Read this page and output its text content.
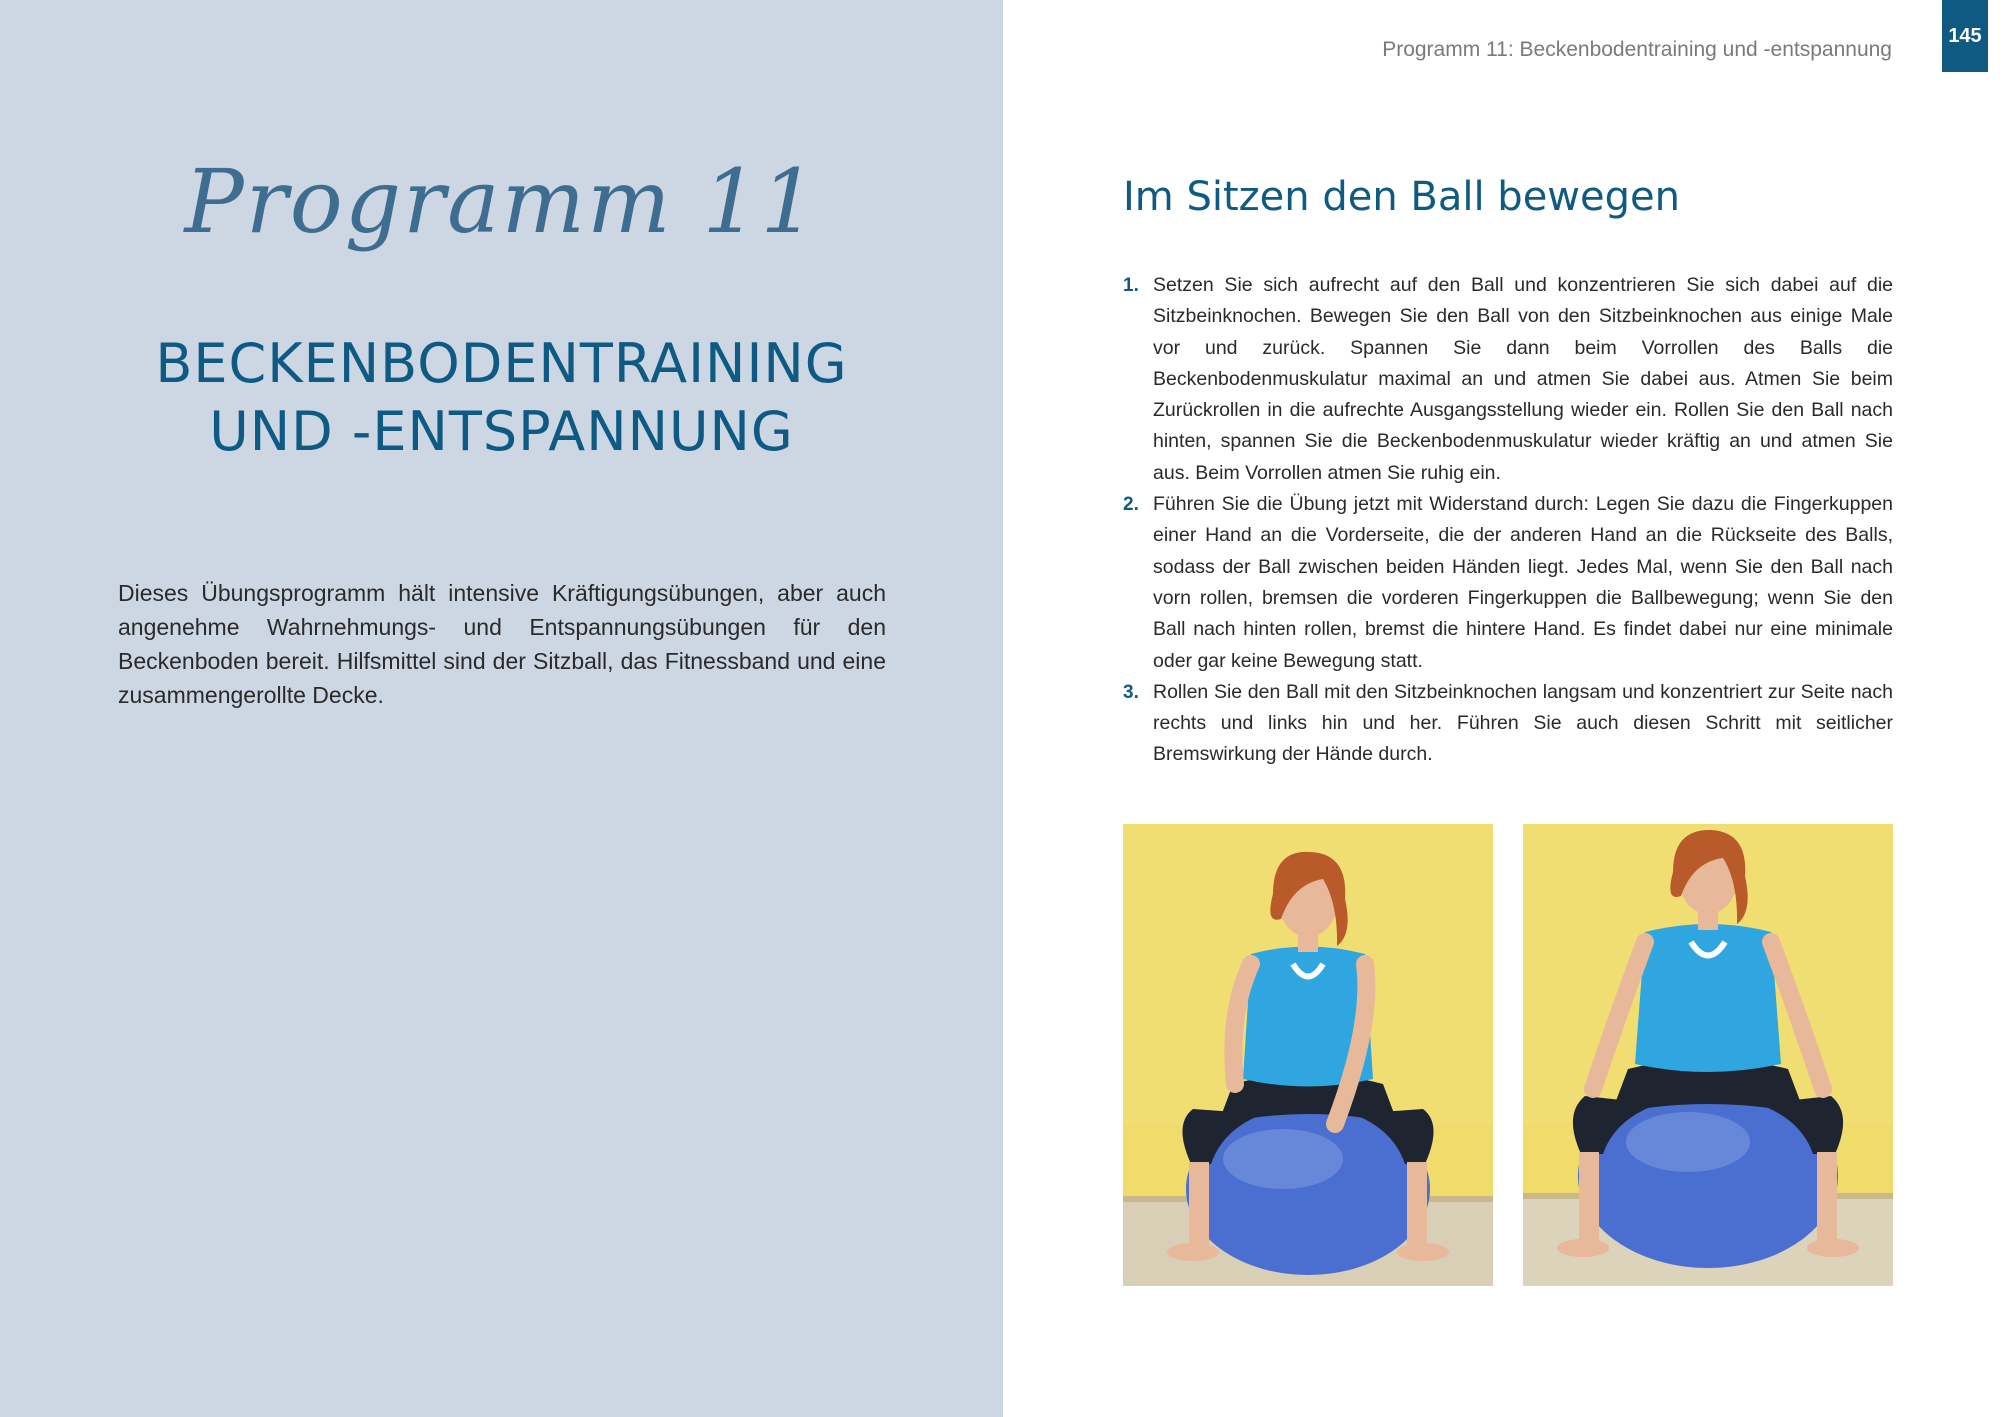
Programm 11
BECKENBODENTRAINING
UND -ENTSPANNUNG

Dieses Übungsprogramm hält intensive Kräftigungsübungen, aber auch angenehme Wahrnehmungs- und Entspannungsübungen für den Beckenboden bereit. Hilfsmittel sind der Sitzball, das Fitnessband und eine zusammengerollte Decke.

Programm 11: Beckenbodentraining und -entspannung
145
Im Sitzen den Ball bewegen
1. Setzen Sie sich aufrecht auf den Ball und konzentrieren Sie sich dabei auf die Sitzbeinknochen. Bewegen Sie den Ball von den Sitzbeinknochen aus einige Male vor und zurück. Spannen Sie dann beim Vorrollen des Balls die Beckenbodenmuskulatur maximal an und atmen Sie dabei aus. Atmen Sie beim Zurückrollen in die aufrechte Ausgangsstellung wieder ein. Rollen Sie den Ball nach hinten, spannen Sie die Beckenbodenmuskulatur wieder kräftig an und atmen Sie aus. Beim Vorrollen atmen Sie ruhig ein.

2. Führen Sie die Übung jetzt mit Widerstand durch: Legen Sie dazu die Fingerkuppen einer Hand an die Vorderseite, die der anderen Hand an die Rückseite des Balls, sodass der Ball zwischen beiden Händen liegt. Jedes Mal, wenn Sie den Ball nach vorn rollen, bremsen die vorderen Fingerkuppen die Ballbewegung; wenn Sie den Ball nach hinten rollen, bremst die hintere Hand. Es findet dabei nur eine minimale oder gar keine Bewegung statt.

3. Rollen Sie den Ball mit den Sitzbeinknochen langsam und konzentriert zur Seite nach rechts und links hin und her. Führen Sie auch diesen Schritt mit seitlicher Bremswirkung der Hände durch.
